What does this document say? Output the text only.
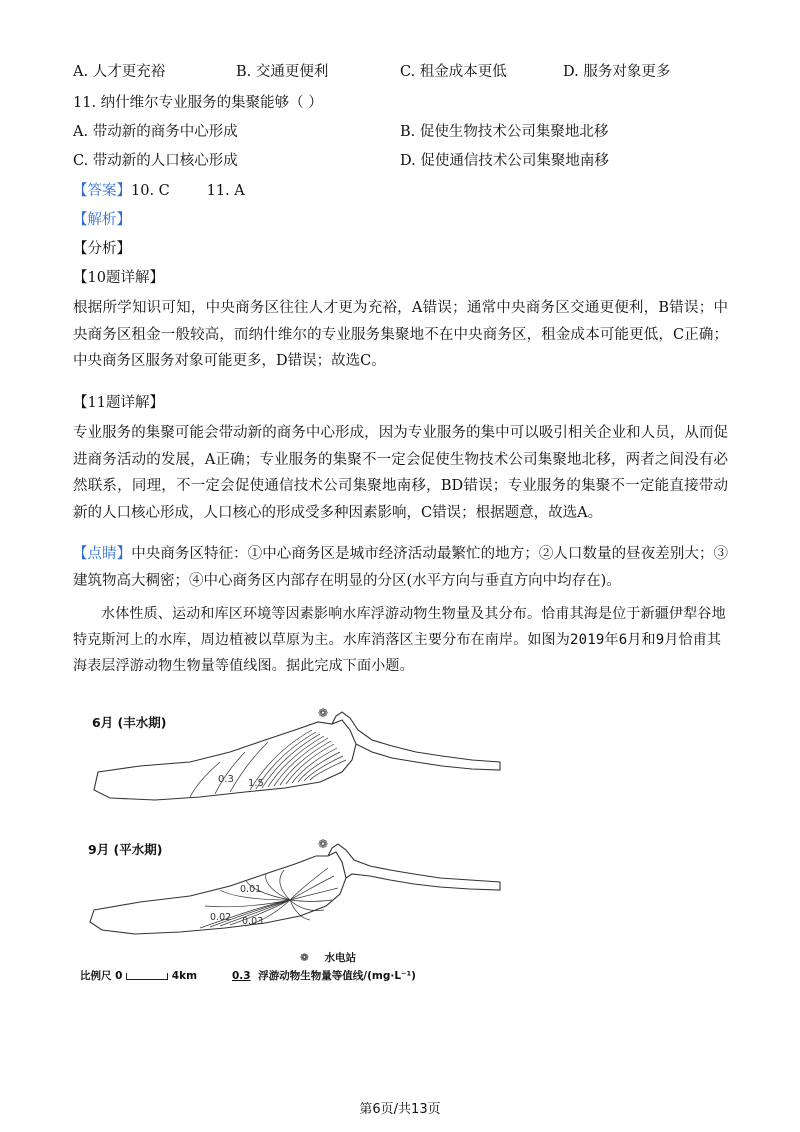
A. 人才更充裕	B. 交通更便利	C. 租金成本更低	D. 服务对象更多
11. 纳什维尔专业服务的集聚能够（ ）
A. 带动新的商务中心形成	B. 促使生物技术公司集聚地北移
C. 带动新的人口核心形成	D. 促使通信技术公司集聚地南移
【答案】10. C        11. A
【解析】
【分析】
【10题详解】
根据所学知识可知，中央商务区往往人才更为充裕，A错误；通常中央商务区交通更便利，B错误；中央商务区租金一般较高，而纳什维尔的专业服务集聚地不在中央商务区，租金成本可能更低，C正确；中央商务区服务对象可能更多，D错误；故选C。
【11题详解】
专业服务的集聚可能会带动新的商务中心形成，因为专业服务的集中可以吸引相关企业和人员，从而促进商务活动的发展，A正确；专业服务的集聚不一定会促使生物技术公司集聚地北移，两者之间没有必然联系，同理，不一定会促使通信技术公司集聚地南移，BD错误；专业服务的集聚不一定能直接带动新的人口核心形成，人口核心的形成受多种因素影响，C错误；根据题意，故选A。
【点睛】中央商务区特征：①中心商务区是城市经济活动最繁忙的地方；②人口数量的昼夜差别大；③建筑物高大稠密；④中心商务区内部存在明显的分区(水平方向与垂直方向中均存在)。
水体性质、运动和库区环境等因素影响水库浮游动物生物量及其分布。恰甫其海是位于新疆伊犁谷地特克斯河上的水库，周边植被以草原为主。水库消落区主要分布在南岸。如图为2019年6月和9月恰甫其海表层浮游动物生物量等值线图。据此完成下面小题。
6月 (丰水期)
0.3 1.5
❁
9月 (平水期)
0.01
0.02 0.03
❁
❁ 水电站
比例尺 0	4km	0.3 浮游动物生物量等值线/(mg·L⁻¹)
第6页/共13页
